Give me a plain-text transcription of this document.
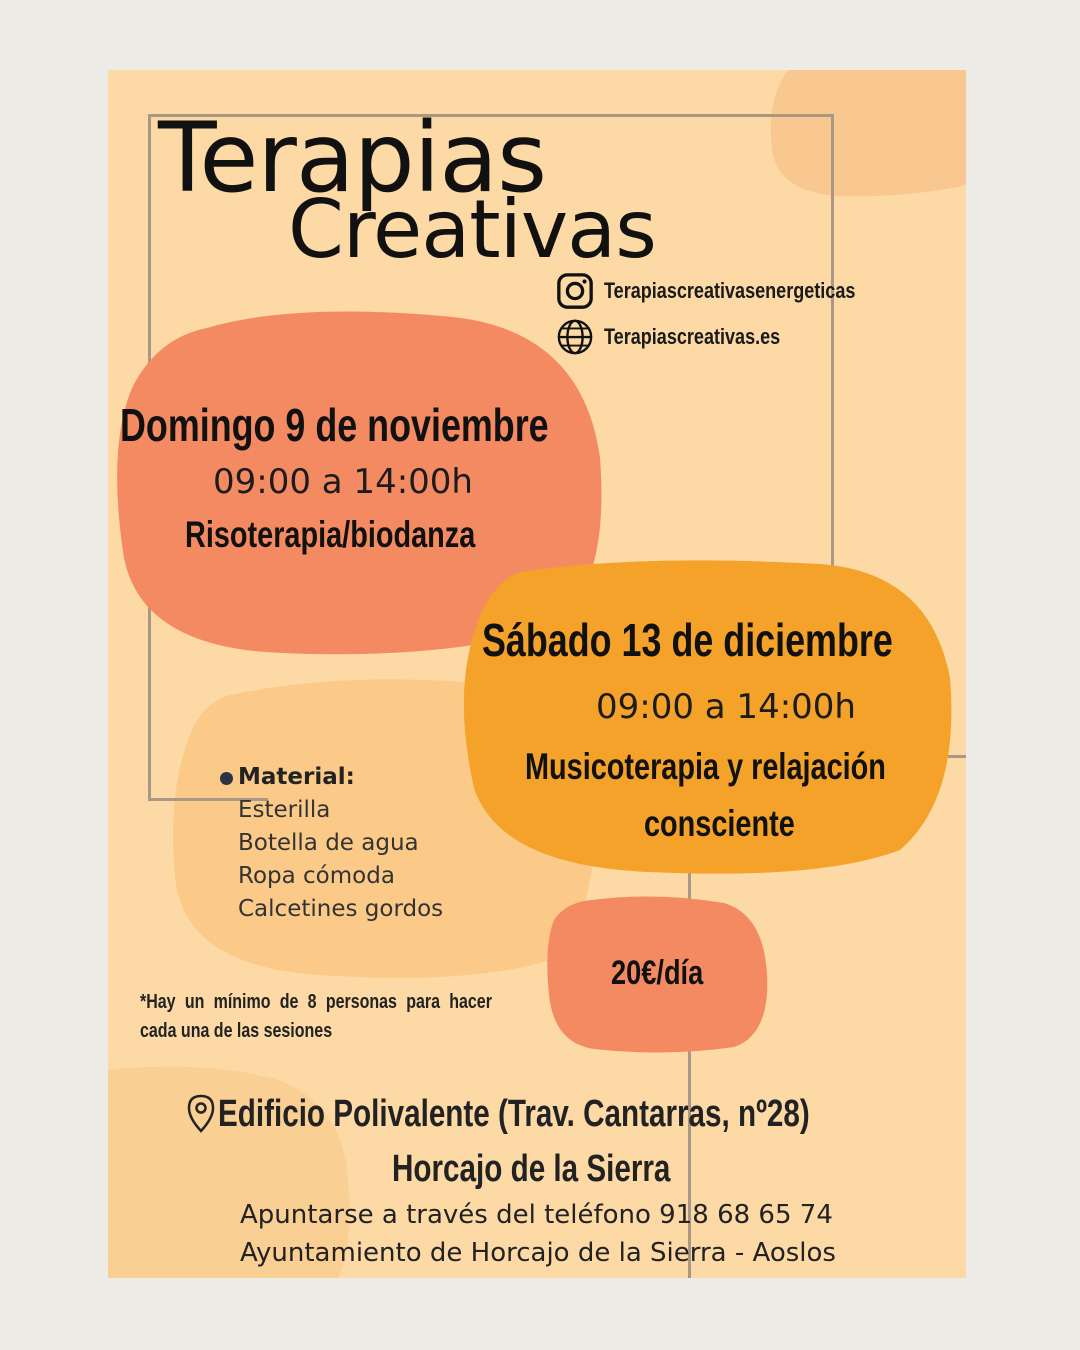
Terapias
Creativas
Terapiascreativasenergeticas
Terapiascreativas.es
Domingo 9 de noviembre
09:00 a 14:00h
Risoterapia/biodanza
Sábado 13 de diciembre
09:00 a 14:00h
Musicoterapia y relajación
consciente
Material:
Esterilla
Botella de agua
Ropa cómoda
Calcetines gordos
20€/día
*Hay un mínimo de 8 personas para hacer
cada una de las sesiones
Edificio Polivalente (Trav. Cantarras, nº28)
Horcajo de la Sierra
Apuntarse a través del teléfono 918 68 65 74
Ayuntamiento de Horcajo de la Sierra - Aoslos
